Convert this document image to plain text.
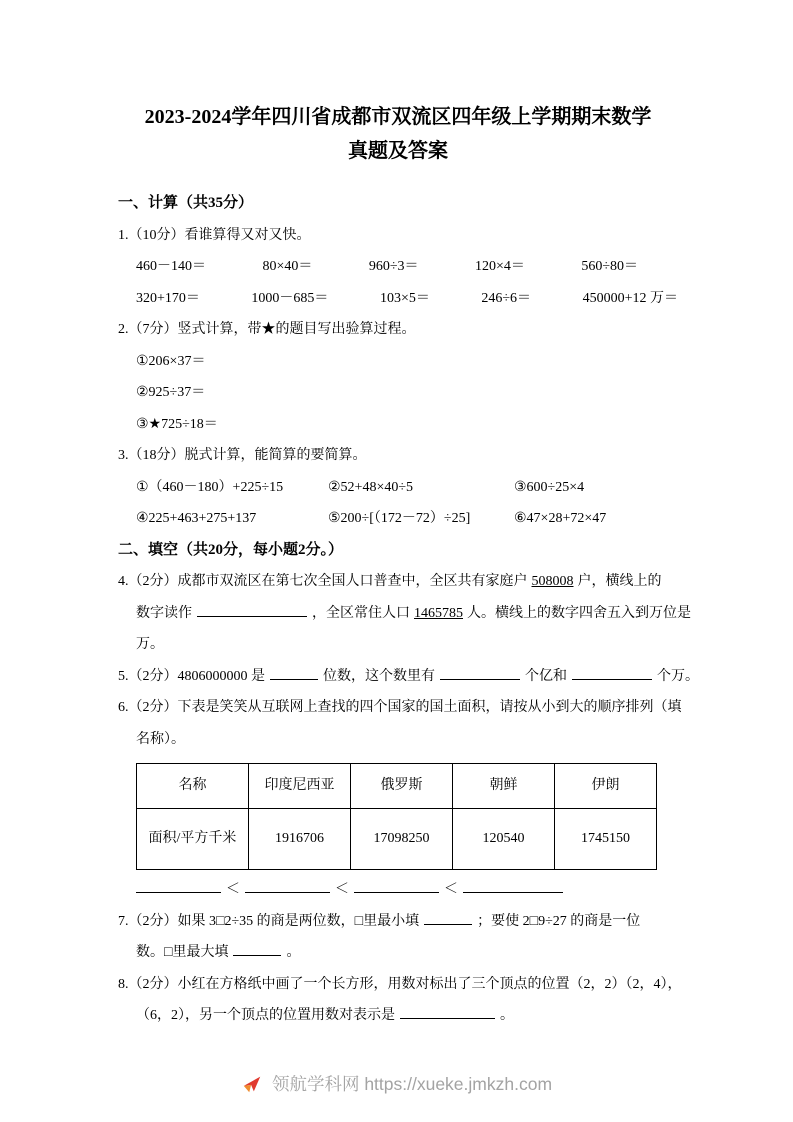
2023-2024学年四川省成都市双流区四年级上学期期末数学
真题及答案
一、计算（共35分）
1.（10分）看谁算得又对又快。
460－140＝	80×40＝	960÷3＝	120×4＝	560÷80＝
320+170＝	1000－685＝	103×5＝	246÷6＝	450000+12 万＝
2.（7分）竖式计算，带★的题目写出验算过程。
①206×37＝
②925÷37＝
③★725÷18＝
3.（18分）脱式计算，能简算的要简算。
①（460－180）+225÷15	②52+48×40÷5	③600÷25×4
④225+463+275+137	⑤200÷[（172－72）÷25]	⑥47×28+72×47
二、填空（共20分，每小题2分。）
4.（2分）成都市双流区在第七次全国人口普查中，全区共有家庭户 508008 户，横线上的
数字读作	，全区常住人口 1465785 人。横线上的数字四舍五入到万位是
万。
5.（2分）4806000000 是	位数，这个数里有	个亿和	个万。
6.（2分）下表是笑笑从互联网上查找的四个国家的国土面积，请按从小到大的顺序排列（填
名称）。
名称	印度尼西亚	俄罗斯	朝鲜	伊朗
面积/平方千米	1916706	17098250	120540	1745150
＜	＜	＜
7.（2分）如果 3□2÷35 的商是两位数，□里最小填	；要使 2□9÷27 的商是一位
数。□里最大填	。
8.（2分）小红在方格纸中画了一个长方形，用数对标出了三个顶点的位置（2，2）（2，4），
（6，2），另一个顶点的位置用数对表示是	。
领航学科网 https://xueke.jmkzh.com
